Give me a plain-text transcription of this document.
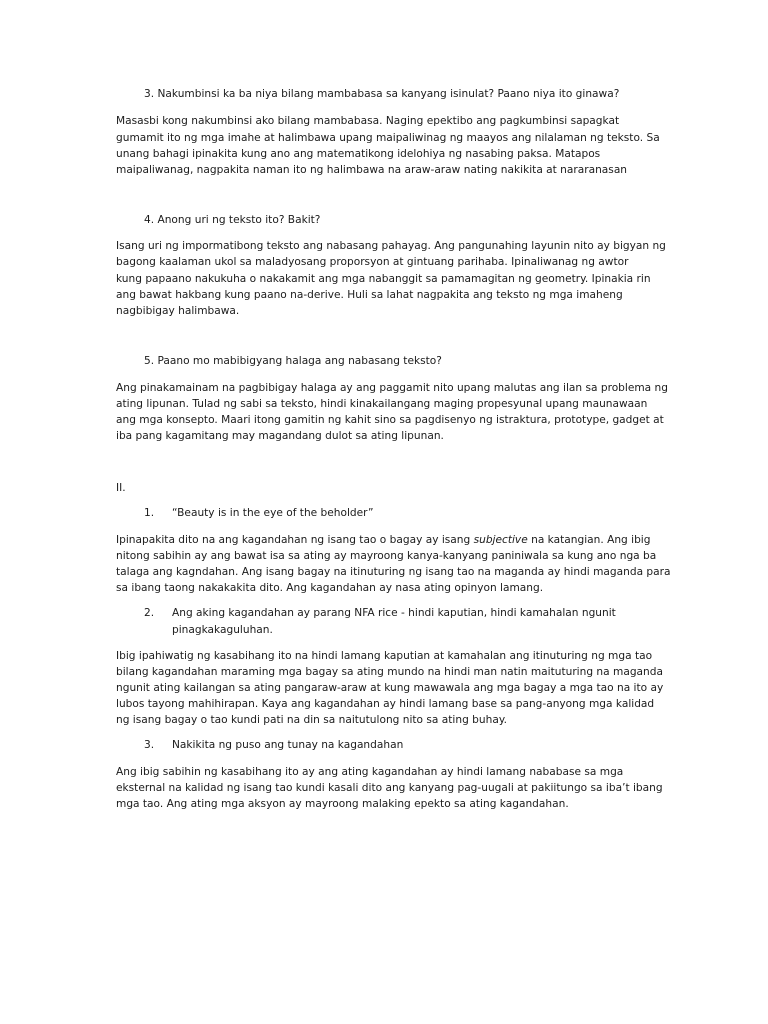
3. Nakumbinsi ka ba niya bilang mambabasa sa kanyang isinulat? Paano niya ito ginawa?
Masasbi kong nakumbinsi ako bilang mambabasa. Naging epektibo ang pagkumbinsi sapagkat
gumamit ito ng mga imahe at halimbawa upang maipaliwinag ng maayos ang nilalaman ng teksto. Sa
unang bahagi ipinakita kung ano ang matematikong idelohiya ng nasabing paksa. Matapos
maipaliwanag, nagpakita naman ito ng halimbawa na araw-araw nating nakikita at nararanasan
4. Anong uri ng teksto ito? Bakit?
Isang uri ng impormatibong teksto ang nabasang pahayag. Ang pangunahing layunin nito ay bigyan ng
bagong kaalaman ukol sa maladyosang proporsyon at gintuang parihaba. Ipinaliwanag ng awtor
kung papaano nakukuha o nakakamit ang mga nabanggit sa pamamagitan ng geometry. Ipinakia rin
ang bawat hakbang kung paano na-derive. Huli sa lahat nagpakita ang teksto ng mga imaheng
nagbibigay halimbawa.
5. Paano mo mabibigyang halaga ang nabasang teksto?
Ang pinakamainam na pagbibigay halaga ay ang paggamit nito upang malutas ang ilan sa problema ng
ating lipunan. Tulad ng sabi sa teksto, hindi kinakailangang maging propesyunal upang maunawaan
ang mga konsepto. Maari itong gamitin ng kahit sino sa pagdisenyo ng istraktura, prototype, gadget at
iba pang kagamitang may magandang dulot sa ating lipunan.
II.
1. “Beauty is in the eye of the beholder”
Ipinapakita dito na ang kagandahan ng isang tao o bagay ay isang subjective na katangian. Ang ibig
nitong sabihin ay ang bawat isa sa ating ay mayroong kanya-kanyang paniniwala sa kung ano nga ba
talaga ang kagndahan. Ang isang bagay na itinuturing ng isang tao na maganda ay hindi maganda para
sa ibang taong nakakakita dito. Ang kagandahan ay nasa ating opinyon lamang.
2. Ang aking kagandahan ay parang NFA rice - hindi kaputian, hindi kamahalan ngunit
pinagkakaguluhan.
Ibig ipahiwatig ng kasabihang ito na hindi lamang kaputian at kamahalan ang itinuturing ng mga tao
bilang kagandahan maraming mga bagay sa ating mundo na hindi man natin maituturing na maganda
ngunit ating kailangan sa ating pangaraw-araw at kung mawawala ang mga bagay a mga tao na ito ay
lubos tayong mahihirapan. Kaya ang kagandahan ay hindi lamang base sa pang-anyong mga kalidad
ng isang bagay o tao kundi pati na din sa naitutulong nito sa ating buhay.
3. Nakikita ng puso ang tunay na kagandahan
Ang ibig sabihin ng kasabihang ito ay ang ating kagandahan ay hindi lamang nababase sa mga
eksternal na kalidad ng isang tao kundi kasali dito ang kanyang pag-uugali at pakiitungo sa iba’t ibang
mga tao. Ang ating mga aksyon ay mayroong malaking epekto sa ating kagandahan.
